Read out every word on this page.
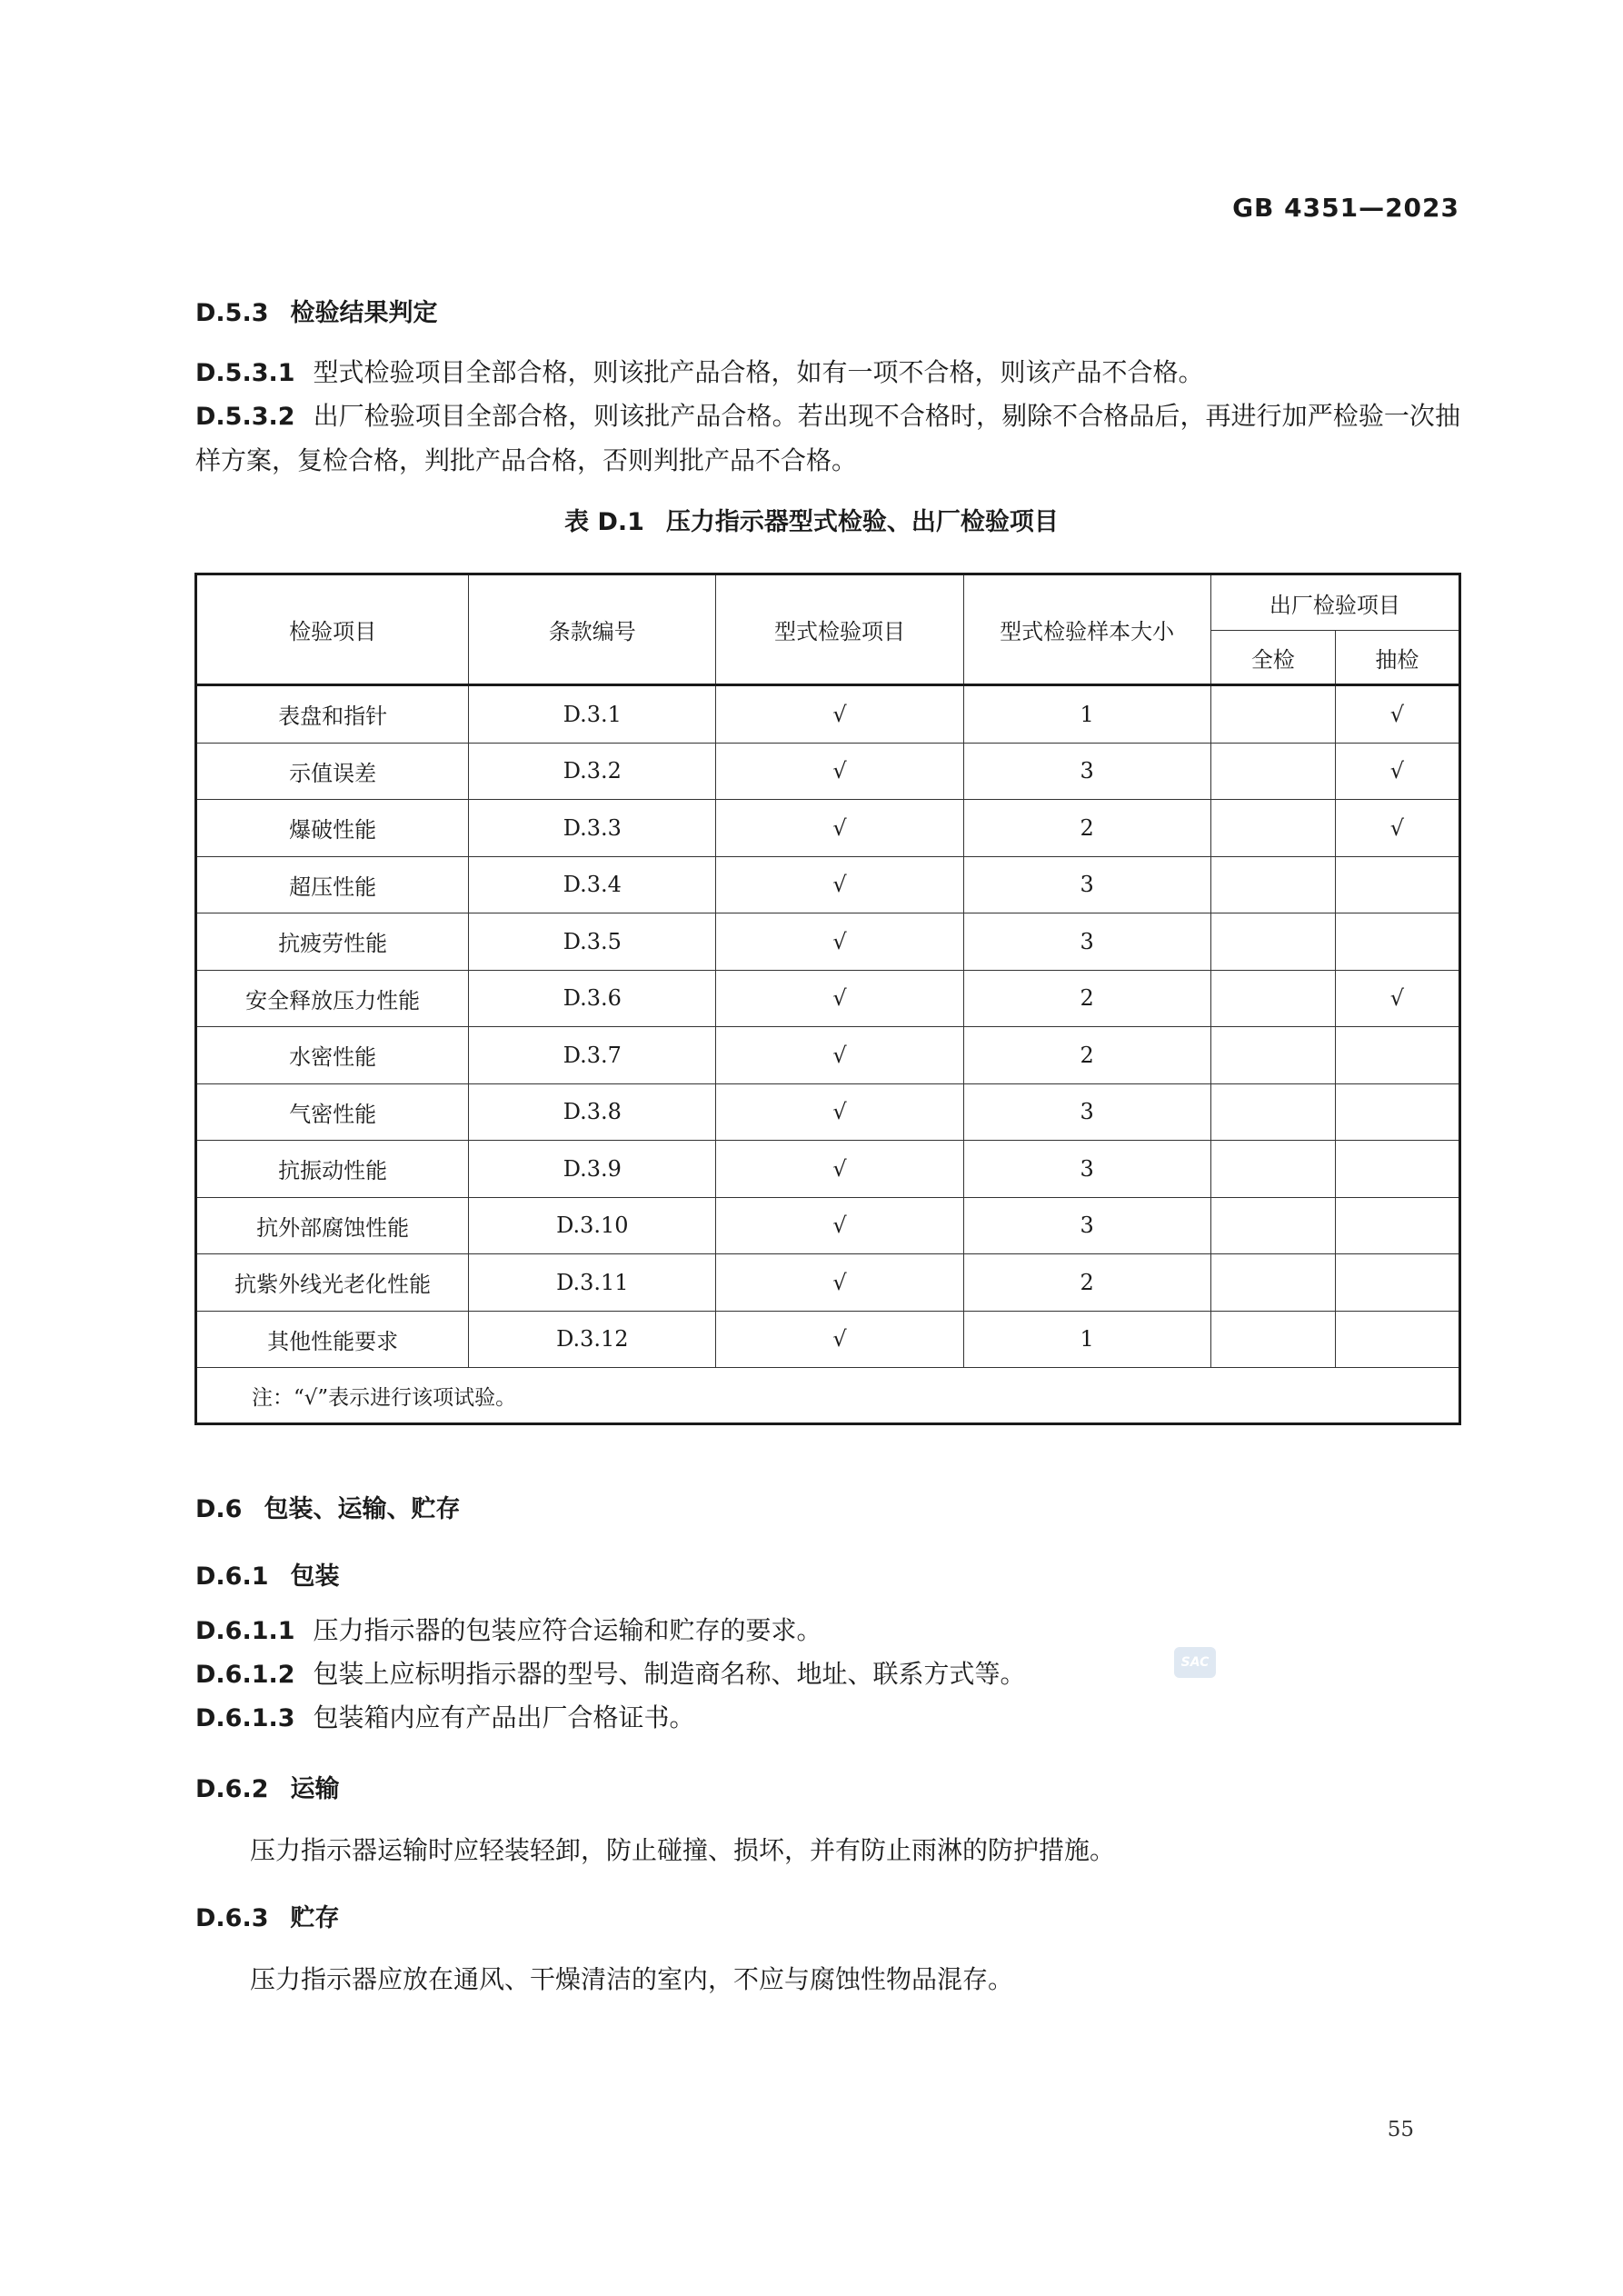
GB 4351—2023
D.5.3 检验结果判定
D.5.3.1 型式检验项目全部合格，则该批产品合格，如有一项不合格，则该产品不合格。
D.5.3.2 出厂检验项目全部合格，则该批产品合格。若出现不合格时，剔除不合格品后，再进行加严检验一次抽样方案，复检合格，判批产品合格，否则判批产品不合格。
表 D.1 压力指示器型式检验、出厂检验项目
检验项目	条款编号	型式检验项目	型式检验样本大小	出厂检验项目	
				全检	抽检
表盘和指针	D.3.1	√	1		√
示值误差	D.3.2	√	3		√
爆破性能	D.3.3	√	2		√
超压性能	D.3.4	√	3		
抗疲劳性能	D.3.5	√	3		
安全释放压力性能	D.3.6	√	2		√
水密性能	D.3.7	√	2		
气密性能	D.3.8	√	3		
抗振动性能	D.3.9	√	3		
抗外部腐蚀性能	D.3.10	√	3		
抗紫外线光老化性能	D.3.11	√	2		
其他性能要求	D.3.12	√	1		
注：“√”表示进行该项试验。					
D.6 包装、运输、贮存
D.6.1 包装
D.6.1.1 压力指示器的包装应符合运输和贮存的要求。
D.6.1.2 包装上应标明指示器的型号、制造商名称、地址、联系方式等。
D.6.1.3 包装箱内应有产品出厂合格证书。
SAC
D.6.2 运输
压力指示器运输时应轻装轻卸，防止碰撞、损坏，并有防止雨淋的防护措施。
D.6.3 贮存
压力指示器应放在通风、干燥清洁的室内，不应与腐蚀性物品混存。
55
